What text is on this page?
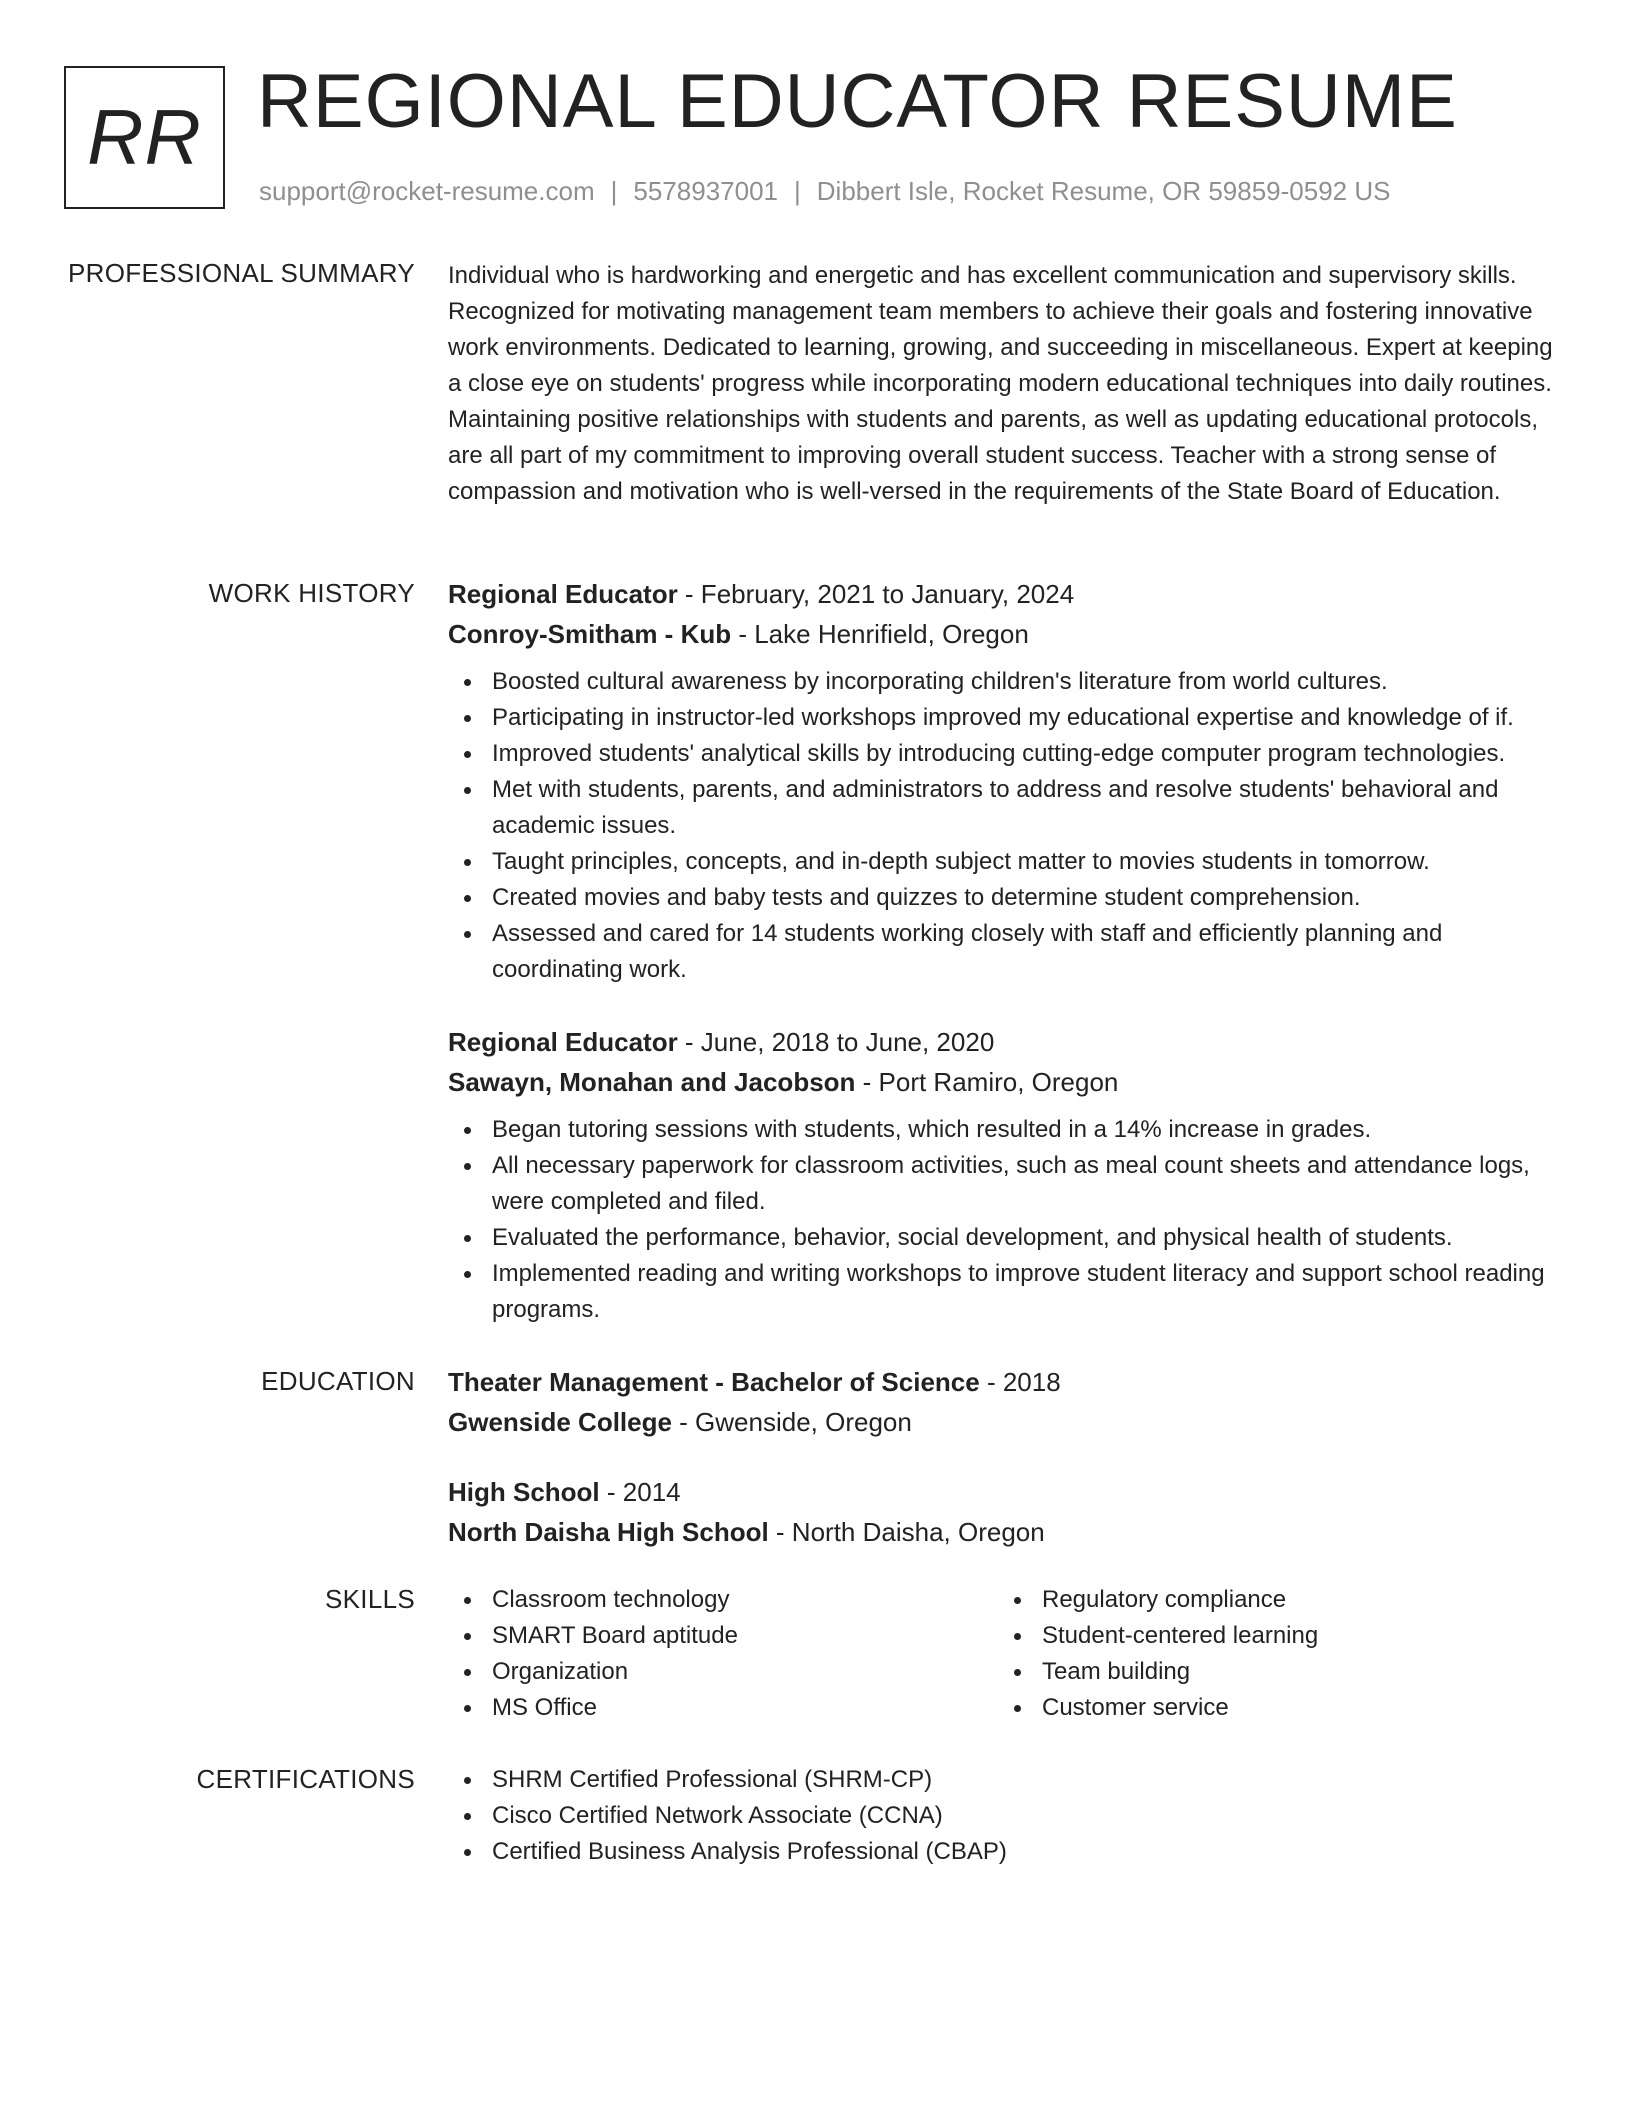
RR REGIONAL EDUCATOR RESUME
support@rocket-resume.com | 5578937001 | Dibbert Isle, Rocket Resume, OR 59859-0592 US
PROFESSIONAL SUMMARY Individual who is hardworking and energetic and has excellent communication and supervisory skills. Recognized for motivating management team members to achieve their goals and fostering innovative work environments. Dedicated to learning, growing, and succeeding in miscellaneous. Expert at keeping a close eye on students' progress while incorporating modern educational techniques into daily routines. Maintaining positive relationships with students and parents, as well as updating educational protocols, are all part of my commitment to improving overall student success. Teacher with a strong sense of compassion and motivation who is well-versed in the requirements of the State Board of Education.

WORK HISTORY Regional Educator - February, 2021 to January, 2024
Conroy-Smitham - Kub - Lake Henrifield, Oregon
Boosted cultural awareness by incorporating children's literature from world cultures.
Participating in instructor-led workshops improved my educational expertise and knowledge of if.
Improved students' analytical skills by introducing cutting-edge computer program technologies.
Met with students, parents, and administrators to address and resolve students' behavioral and academic issues.
Taught principles, concepts, and in-depth subject matter to movies students in tomorrow.
Created movies and baby tests and quizzes to determine student comprehension.
Assessed and cared for 14 students working closely with staff and efficiently planning and coordinating work.
Regional Educator - June, 2018 to June, 2020
Sawayn, Monahan and Jacobson - Port Ramiro, Oregon
Began tutoring sessions with students, which resulted in a 14% increase in grades.
All necessary paperwork for classroom activities, such as meal count sheets and attendance logs, were completed and filed.
Evaluated the performance, behavior, social development, and physical health of students.
Implemented reading and writing workshops to improve student literacy and support school reading programs.
EDUCATION Theater Management - Bachelor of Science - 2018
Gwenside College - Gwenside, Oregon
High School - 2014
North Daisha High School - North Daisha, Oregon
SKILLS	Classroom technology
SMART Board aptitude
Organization
MS Office
Regulatory compliance
Student-centered learning
Team building
Customer service
CERTIFICATIONS	SHRM Certified Professional (SHRM-CP)
Cisco Certified Network Associate (CCNA)
Certified Business Analysis Professional (CBAP)
